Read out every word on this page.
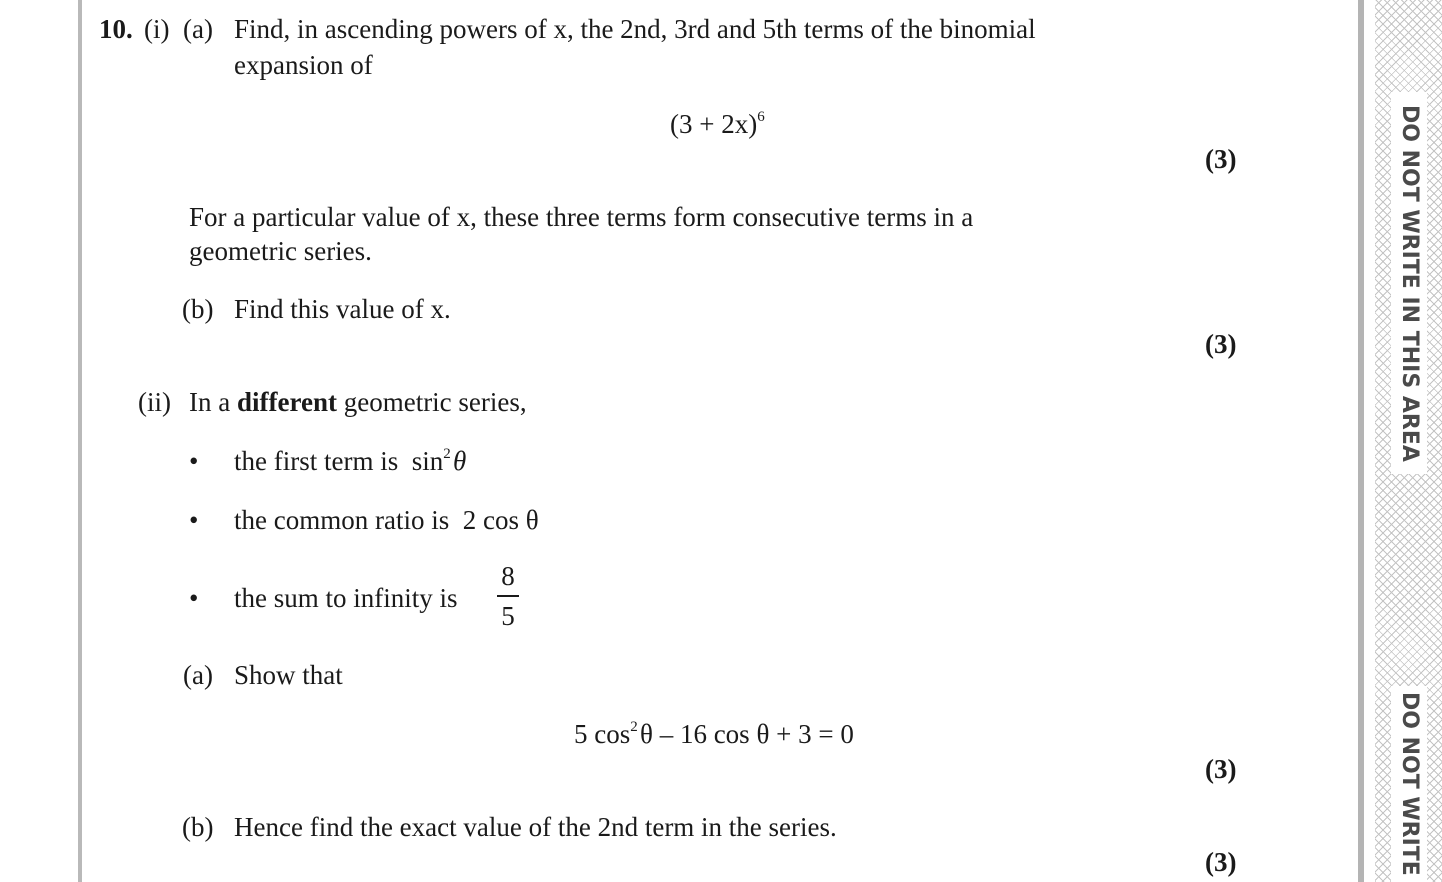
DO NOT WRITE IN THIS AREA
DO NOT WRITE
10. (i) (a) Find, in ascending powers of x, the 2nd, 3rd and 5th terms of the binomial
expansion of
$(3 + 2x)^6$
(3)
For a particular value of x, these three terms form consecutive terms in a
geometric series.
(b) Find this value of x.
(3)
(ii) In a different geometric series,
• the first term is $\sin^2$ θ
• the common ratio is 2 cos θ
• the sum to infinity is
8
5
(a) Show that
5 $\cos^2$ θ – 16 cos θ + 3 = 0
(3)
(b) Hence find the exact value of the 2nd term in the series.
(3)
